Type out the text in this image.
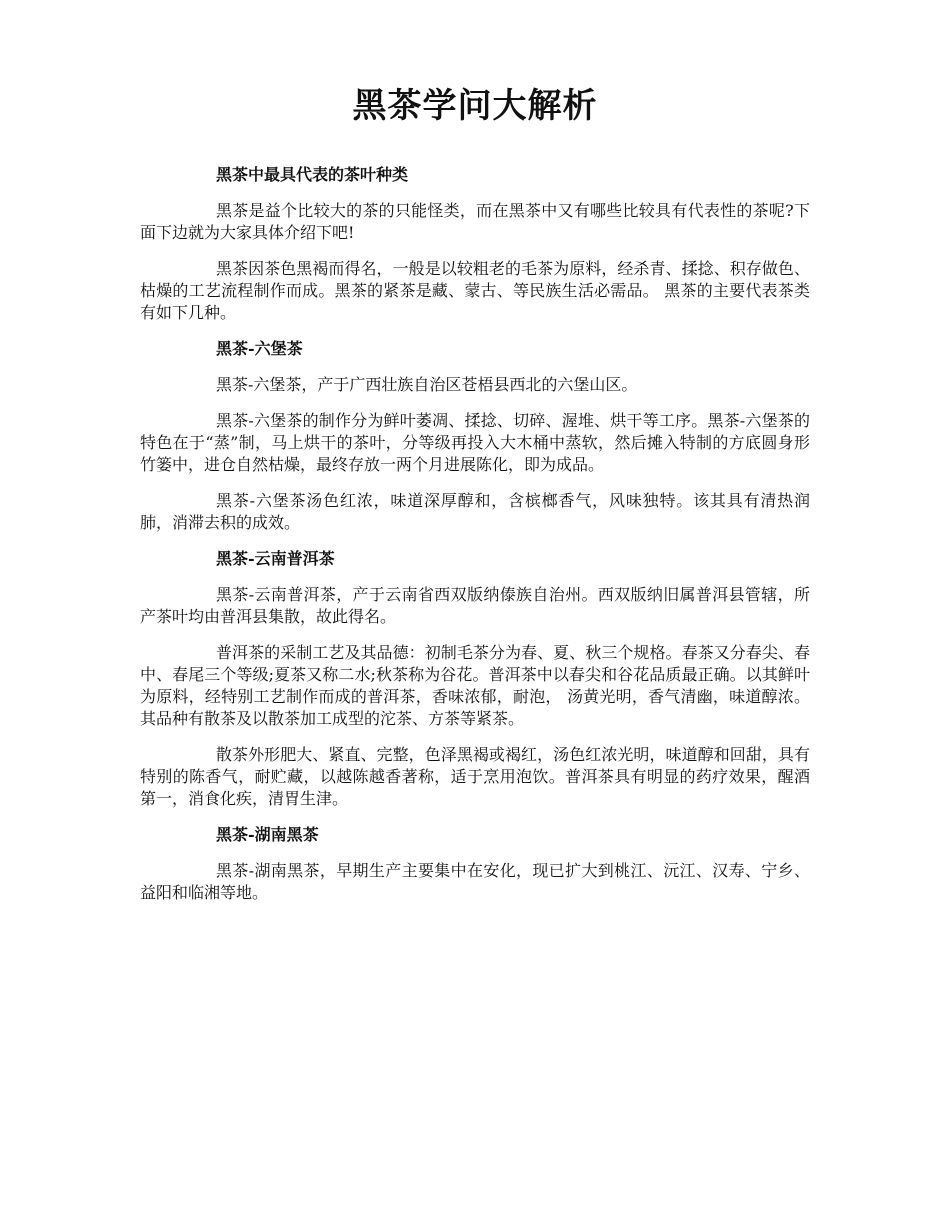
黑茶学问大解析
黑茶中最具代表的茶叶种类

黑茶是益个比较大的茶的只能怪类，而在黑茶中又有哪些比较具有代表性的茶呢?下面下边就为大家具体介绍下吧!

黑茶因茶色黑褐而得名，一般是以较粗老的毛茶为原料，经杀青、揉捻、积存做色、枯燥的工艺流程制作而成。黑茶的紧茶是藏、蒙古、等民族生活必需品。 黑茶的主要代表茶类有如下几种。

黑茶-六堡茶

黑茶-六堡茶，产于广西壮族自治区苍梧县西北的六堡山区。

黑茶-六堡茶的制作分为鲜叶萎凋、揉捻、切碎、渥堆、烘干等工序。黑茶-六堡茶的特色在于“蒸”制，马上烘干的茶叶，分等级再投入大木桶中蒸软，然后摊入特制的方底圆身形竹篓中，进仓自然枯燥，最终存放一两个月进展陈化，即为成品。

黑茶-六堡茶汤色红浓，味道深厚醇和，含槟榔香气，风味独特。该其具有清热润肺，消滞去积的成效。

黑茶-云南普洱茶

黑茶-云南普洱茶，产于云南省西双版纳傣族自治州。西双版纳旧属普洱县管辖，所产茶叶均由普洱县集散，故此得名。

普洱茶的采制工艺及其品德：初制毛茶分为春、夏、秋三个规格。春茶又分春尖、春中、春尾三个等级;夏茶又称二水;秋茶称为谷花。普洱茶中以春尖和谷花品质最正确。以其鲜叶为原料，经特别工艺制作而成的普洱茶，香味浓郁，耐泡， 汤黄光明，香气清幽，味道醇浓。其品种有散茶及以散茶加工成型的沱茶、方茶等紧茶。

散茶外形肥大、紧直、完整，色泽黑褐或褐红，汤色红浓光明，味道醇和回甜，具有特别的陈香气，耐贮藏，以越陈越香著称，适于烹用泡饮。普洱茶具有明显的药疗效果，醒酒第一，消食化疾，清胃生津。

黑茶-湖南黑茶

黑茶-湖南黑茶，早期生产主要集中在安化，现已扩大到桃江、沅江、汉寿、宁乡、益阳和临湘等地。
